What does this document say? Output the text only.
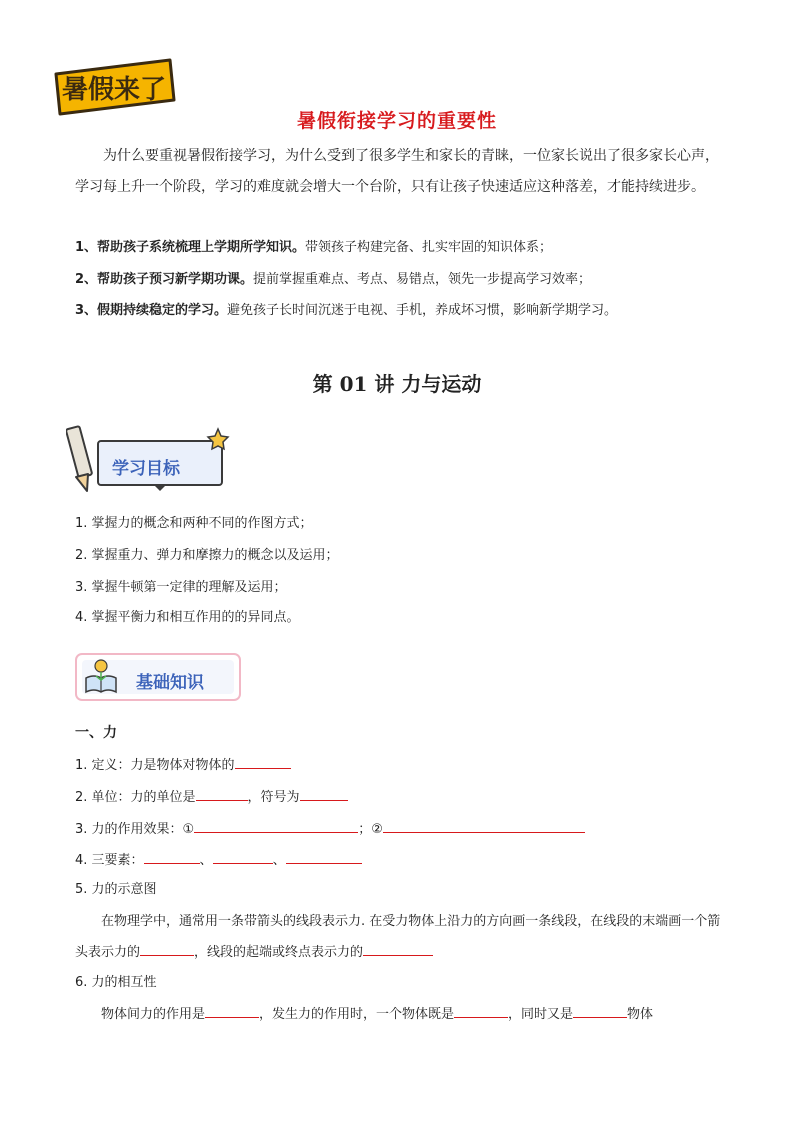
暑假来了
暑假衔接学习的重要性
为什么要重视暑假衔接学习，为什么受到了很多学生和家长的青睐，一位家长说出了很多家长心声，学习每上升一个阶段，学习的难度就会增大一个台阶，只有让孩子快速适应这种落差，才能持续进步。
1、帮助孩子系统梳理上学期所学知识。带领孩子构建完备、扎实牢固的知识体系；
2、帮助孩子预习新学期功课。提前掌握重难点、考点、易错点，领先一步提高学习效率；
3、假期持续稳定的学习。避免孩子长时间沉迷于电视、手机，养成坏习惯，影响新学期学习。
第 01 讲 力与运动
学习目标
1. 掌握力的概念和两种不同的作图方式；
2. 掌握重力、弹力和摩擦力的概念以及运用；
3. 掌握牛顿第一定律的理解及运用；
4. 掌握平衡力和相互作用的的异同点。
基础知识
一、力
1. 定义：力是物体对物体的
2. 单位：力的单位是	，符号为
3. 力的作用效果：①	；②
4. 三要素：	、	、
5. 力的示意图
在物理学中，通常用一条带箭头的线段表示力. 在受力物体上沿力的方向画一条线段，在线段的末端画一个箭头表示力的	，线段的起端或终点表示力的
6. 力的相互性
物体间力的作用是	，发生力的作用时，一个物体既是	，同时又是	物体
